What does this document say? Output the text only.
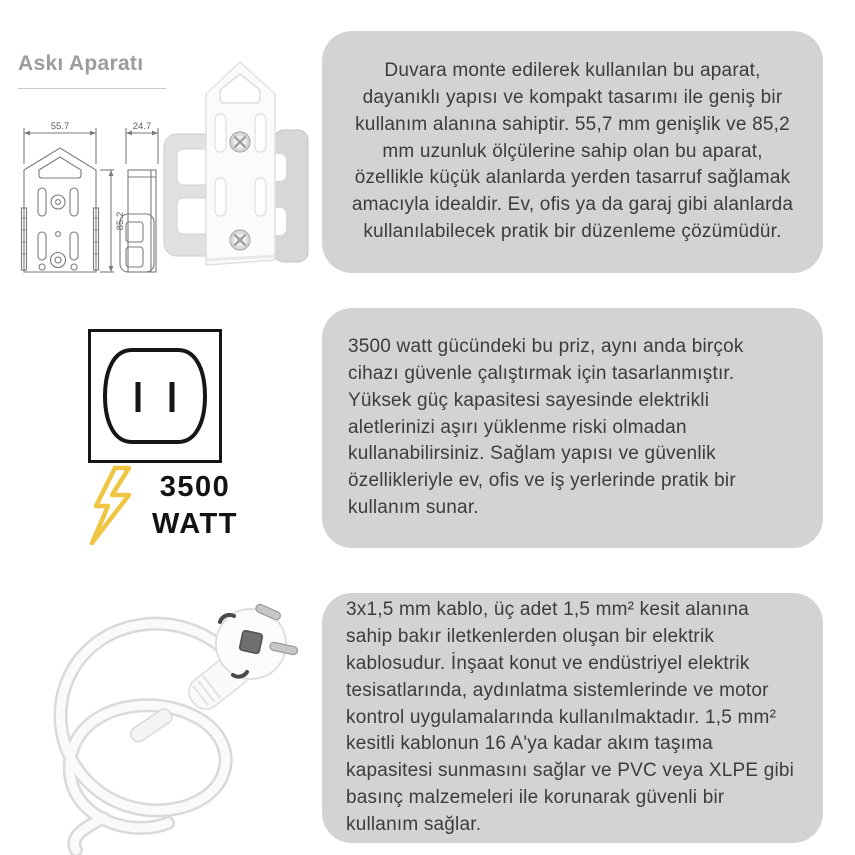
Askı Aparatı
55.7	24.7
85.2

Duvara monte edilerek kullanılan bu aparat, dayanıklı yapısı ve kompakt tasarımı ile geniş bir kullanım alanına sahiptir. 55,7 mm genişlik ve 85,2 mm uzunluk ölçülerine sahip olan bu aparat, özellikle küçük alanlarda yerden tasarruf sağlamak amacıyla idealdir. Ev, ofis ya da garaj gibi alanlarda kullanılabilecek pratik bir düzenleme çözümüdür.

3500
WATT

3500 watt gücündeki bu priz, aynı anda birçok cihazı güvenle çalıştırmak için tasarlanmıştır. Yüksek güç kapasitesi sayesinde elektrikli aletlerinizi aşırı yüklenme riski olmadan kullanabilirsiniz. Sağlam yapısı ve güvenlik özellikleriyle ev, ofis ve iş yerlerinde pratik bir kullanım sunar.

3x1,5 mm kablo, üç adet 1,5 mm² kesit alanına sahip bakır iletkenlerden oluşan bir elektrik kablosudur. İnşaat konut ve endüstriyel elektrik tesisatlarında, aydınlatma sistemlerinde ve motor kontrol uygulamalarında kullanılmaktadır. 1,5 mm² kesitli kablonun 16 A'ya kadar akım taşıma kapasitesi sunmasını sağlar ve PVC veya XLPE gibi basınç malzemeleri ile korunarak güvenli bir kullanım sağlar.
